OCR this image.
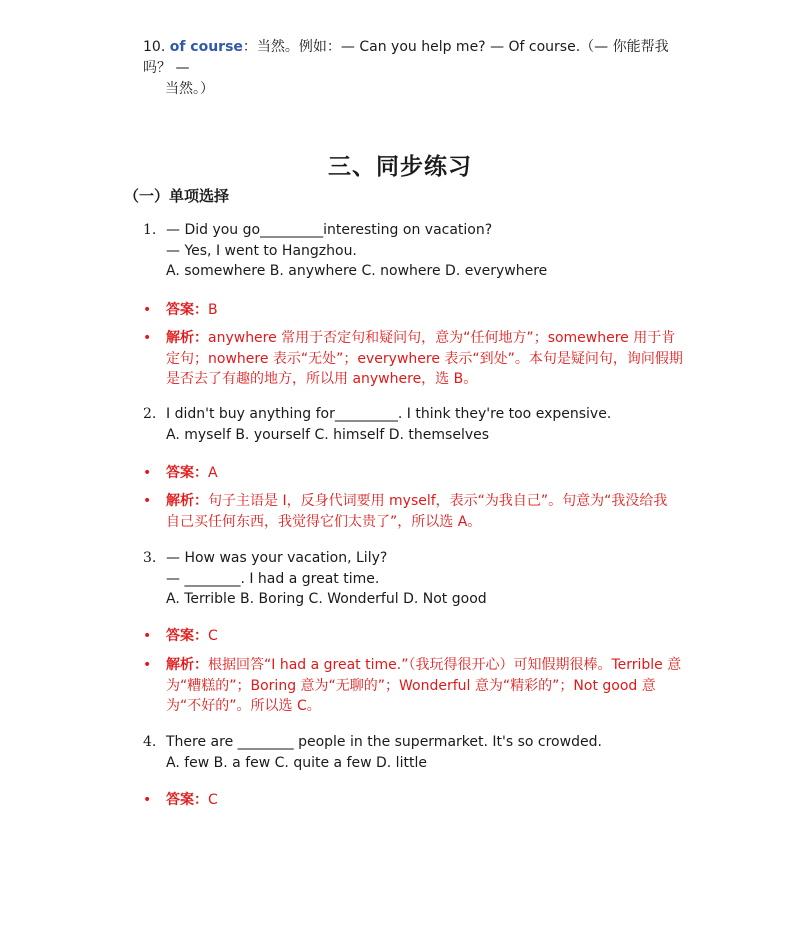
10. of course：当然。例如：— Can you help me? — Of course.（— 你能帮我吗？ —
当然。）
三、同步练习
（一）单项选择
1. — Did you go_________interesting on vacation?
— Yes, I went to Hangzhou.
A. somewhere B. anywhere C. nowhere D. everywhere
•	答案：B
•	解析：anywhere 常用于否定句和疑问句，意为“任何地方”；somewhere 用于肯
定句；nowhere 表示“无处”；everywhere 表示“到处”。本句是疑问句，询问假期
是否去了有趣的地方，所以用 anywhere，选 B。
2. I didn't buy anything for_________. I think they're too expensive.
A. myself B. yourself C. himself D. themselves
•	答案：A
•	解析：句子主语是 I，反身代词要用 myself，表示“为我自己”。句意为“我没给我
自己买任何东西，我觉得它们太贵了”，所以选 A。
3. — How was your vacation, Lily?
— ________. I had a great time.
A. Terrible B. Boring C. Wonderful D. Not good
•	答案：C
•	解析：根据回答“I had a great time.”（我玩得很开心）可知假期很棒。Terrible 意
为“糟糕的”；Boring 意为“无聊的”；Wonderful 意为“精彩的”；Not good 意
为“不好的”。所以选 C。
4. There are ________ people in the supermarket. It's so crowded.
A. few B. a few C. quite a few D. little
•	答案：C
